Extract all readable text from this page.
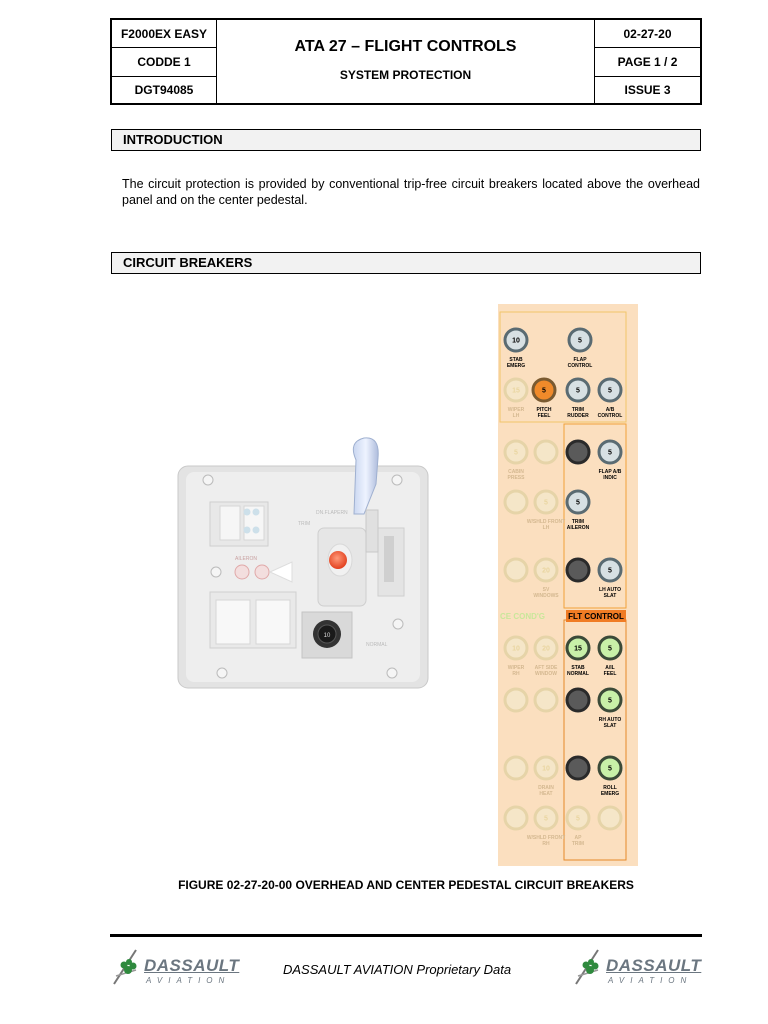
F2000EX EASY
CODDE 1
DGT94085
ATA 27 – FLIGHT CONTROLS
SYSTEM PROTECTION
02-27-20
PAGE 1 / 2
ISSUE 3
INTRODUCTION
The circuit protection is provided by conventional trip-free circuit breakers located above the overhead panel and on the center pedestal.
CIRCUIT BREAKERS
TRIM
DN.FLAPERN
AILERON
10
NORMAL
CE COND'G	FLT CONTROL
10
STAB
EMERG
5
FLAP
CONTROL
15
WIPER
LH
5
PITCH
FEEL
5
TRIM
RUDDER
5
A/B
CONTROL
5
CABIN
PRESS
5
FLAP A/B
INDIC
5
W/SHLD FRONT
LH
5
TRIM
AILERON
20
SV
WINDOWS
5
LH AUTO
SLAT
10
WIPER
RH
20
AFT SIDE
WINDOW
15
STAB
NORMAL
5
A/IL
FEEL
5
RH AUTO
SLAT
10
DRAIN
HEAT
5
ROLL
EMERG
5
W/SHLD FRONT
RH
5
AP
TRIM
FIGURE 02-27-20-00 OVERHEAD AND CENTER PEDESTAL CIRCUIT BREAKERS
DASSAULT
AVIATION
DASSAULT AVIATION Proprietary Data	DASSAULT
AVIATION
